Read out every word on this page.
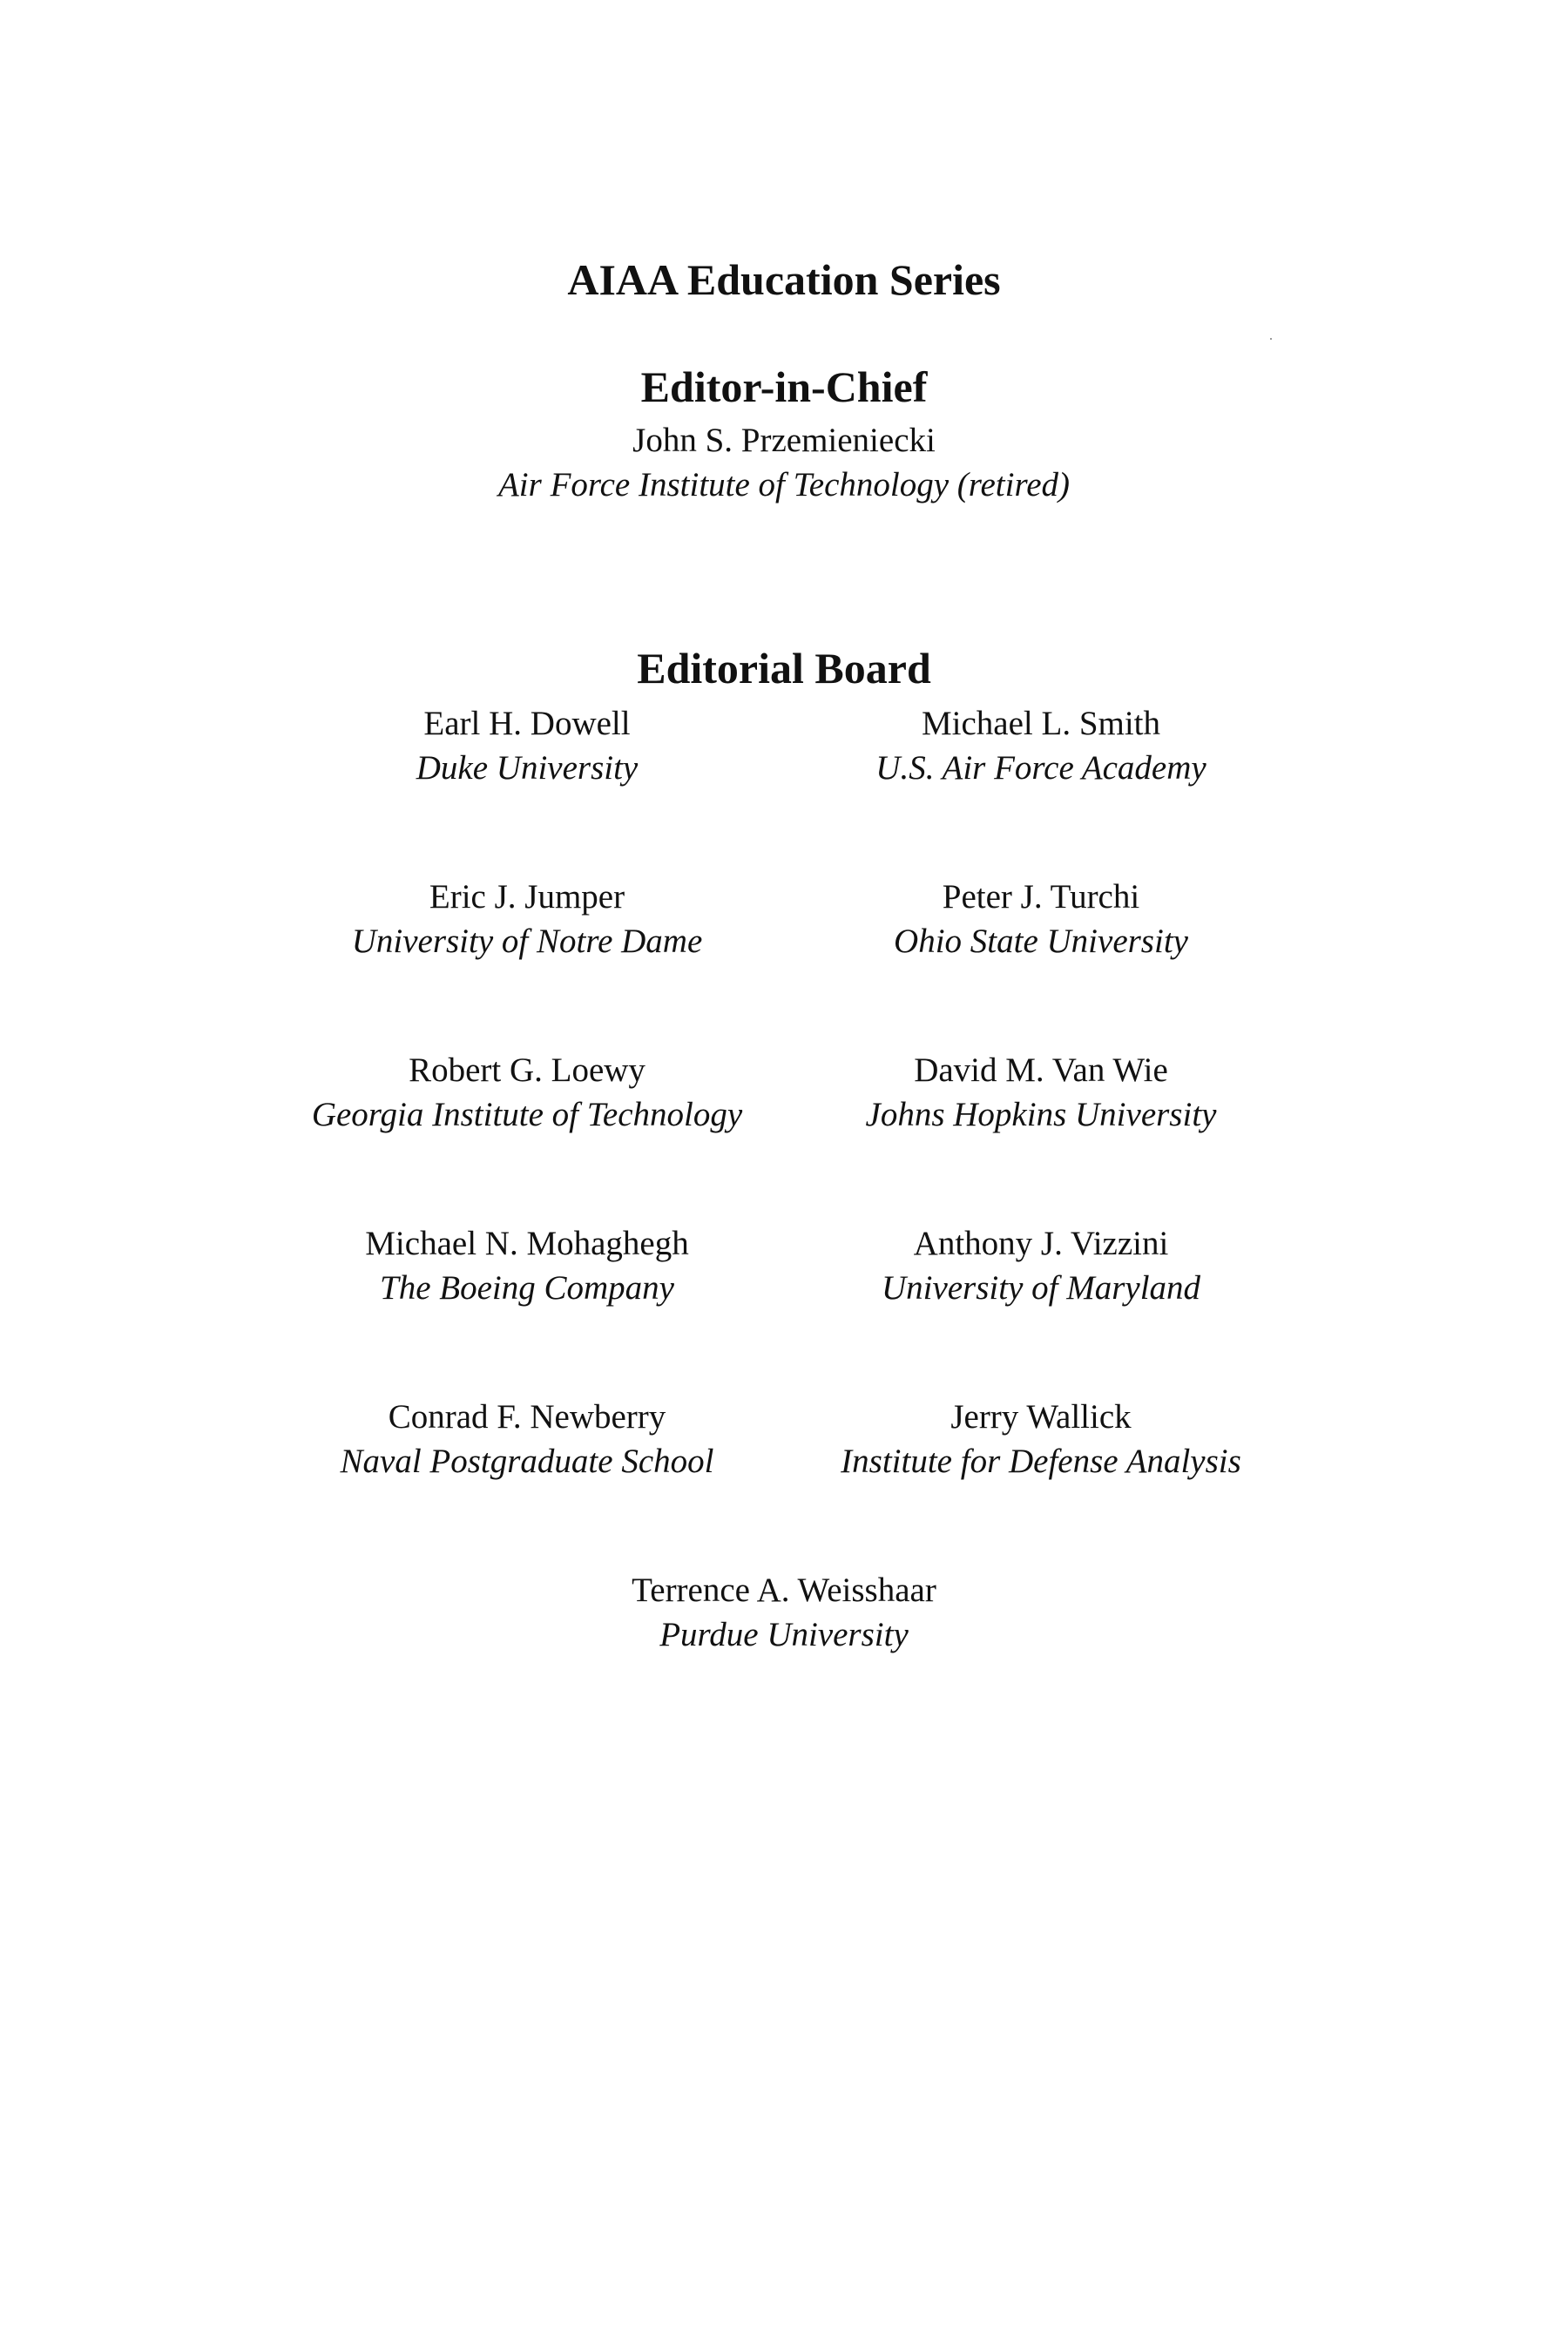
AIAA Education Series
Editor-in-Chief
John S. Przemieniecki
Air Force Institute of Technology (retired)
Editorial Board
Earl H. Dowell
Duke University
Michael L. Smith
U.S. Air Force Academy
Eric J. Jumper
University of Notre Dame
Peter J. Turchi
Ohio State University
Robert G. Loewy
Georgia Institute of Technology
David M. Van Wie
Johns Hopkins University
Michael N. Mohaghegh
The Boeing Company
Anthony J. Vizzini
University of Maryland
Conrad F. Newberry
Naval Postgraduate School
Jerry Wallick
Institute for Defense Analysis
Terrence A. Weisshaar
Purdue University
